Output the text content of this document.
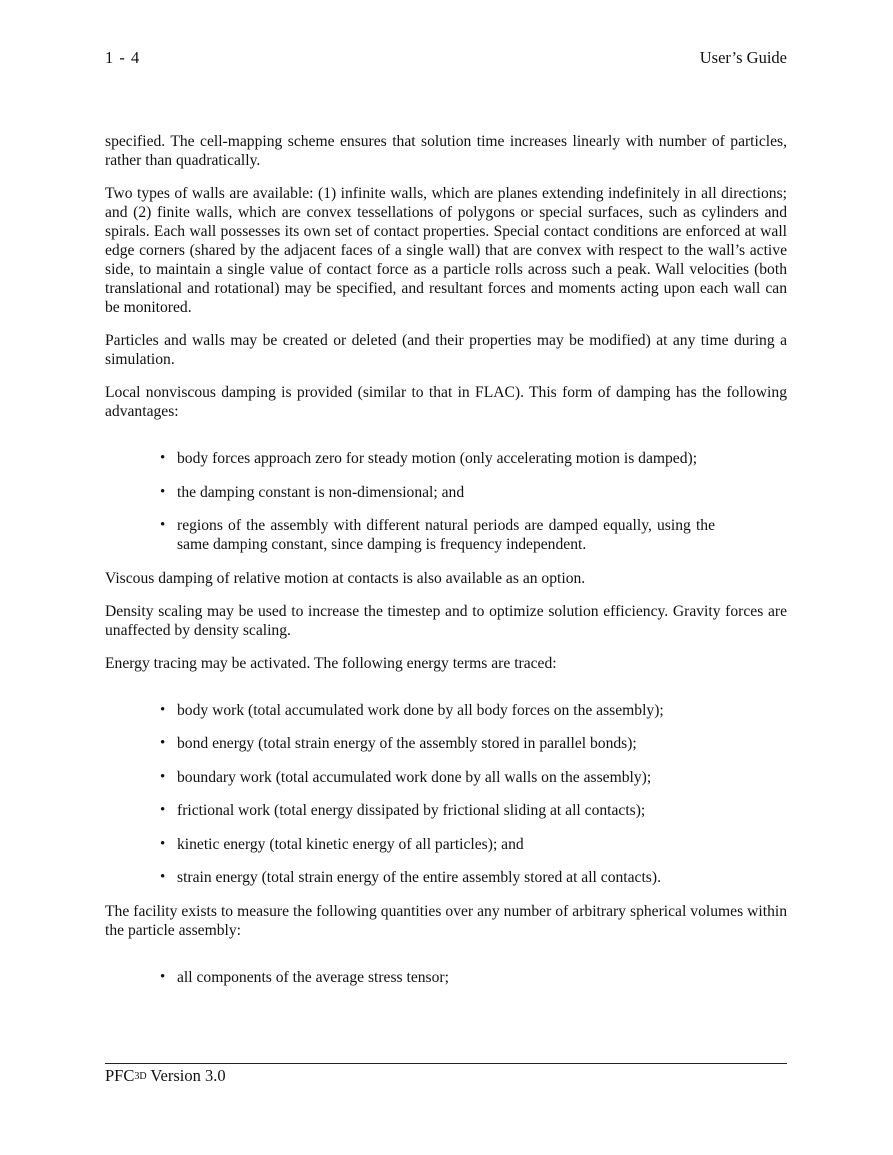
1 - 4	User’s Guide

specified. The cell-mapping scheme ensures that solution time increases linearly with number of particles, rather than quadratically.

Two types of walls are available: (1) infinite walls, which are planes extending indefinitely in all directions; and (2) finite walls, which are convex tessellations of polygons or special surfaces, such as cylinders and spirals. Each wall possesses its own set of contact properties. Special contact conditions are enforced at wall edge corners (shared by the adjacent faces of a single wall) that are convex with respect to the wall’s active side, to maintain a single value of contact force as a particle rolls across such a peak. Wall velocities (both translational and rotational) may be specified, and resultant forces and moments acting upon each wall can be monitored.

Particles and walls may be created or deleted (and their properties may be modified) at any time during a simulation.

Local nonviscous damping is provided (similar to that in FLAC). This form of damping has the following advantages:

• body forces approach zero for steady motion (only accelerating motion is damped);
• the damping constant is non-dimensional; and
• regions of the assembly with different natural periods are damped equally, using the same damping constant, since damping is frequency independent.

Viscous damping of relative motion at contacts is also available as an option.

Density scaling may be used to increase the timestep and to optimize solution efficiency. Gravity forces are unaffected by density scaling.

Energy tracing may be activated. The following energy terms are traced:

• body work (total accumulated work done by all body forces on the assembly);
• bond energy (total strain energy of the assembly stored in parallel bonds);
• boundary work (total accumulated work done by all walls on the assembly);
• frictional work (total energy dissipated by frictional sliding at all contacts);
• kinetic energy (total kinetic energy of all particles); and
• strain energy (total strain energy of the entire assembly stored at all contacts).

The facility exists to measure the following quantities over any number of arbitrary spherical volumes within the particle assembly:

• all components of the average stress tensor;
$PFC^{3D}$ Version 3.0
